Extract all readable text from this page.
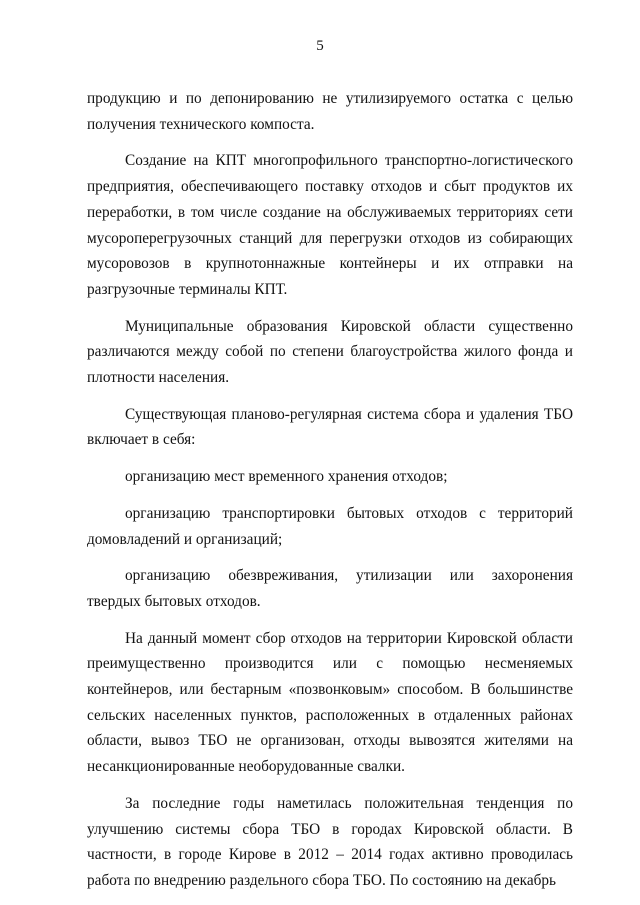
5

продукцию и по депонированию не утилизируемого остатка с целью получения технического компоста.

Создание на КПТ многопрофильного транспортно-логистического предприятия, обеспечивающего поставку отходов и сбыт продуктов их переработки, в том числе создание на обслуживаемых территориях сети мусороперегрузочных станций для перегрузки отходов из собирающих мусоровозов в крупнотоннажные контейнеры и их отправки на разгрузочные терминалы КПТ.

Муниципальные образования Кировской области существенно различаются между собой по степени благоустройства жилого фонда и плотности населения.

Существующая планово-регулярная система сбора и удаления ТБО включает в себя:

организацию мест временного хранения отходов;

организацию транспортировки бытовых отходов с территорий домовладений и организаций;

организацию обезвреживания, утилизации или захоронения твердых бытовых отходов.

На данный момент сбор отходов на территории Кировской области преимущественно производится или с помощью несменяемых контейнеров, или бестарным «позвонковым» способом. В большинстве сельских населенных пунктов, расположенных в отдаленных районах области, вывоз ТБО не организован, отходы вывозятся жителями на несанкционированные необорудованные свалки.

За последние годы наметилась положительная тенденция по улучшению системы сбора ТБО в городах Кировской области. В частности, в городе Кирове в 2012 – 2014 годах активно проводилась работа по внедрению раздельного сбора ТБО. По состоянию на декабрь
